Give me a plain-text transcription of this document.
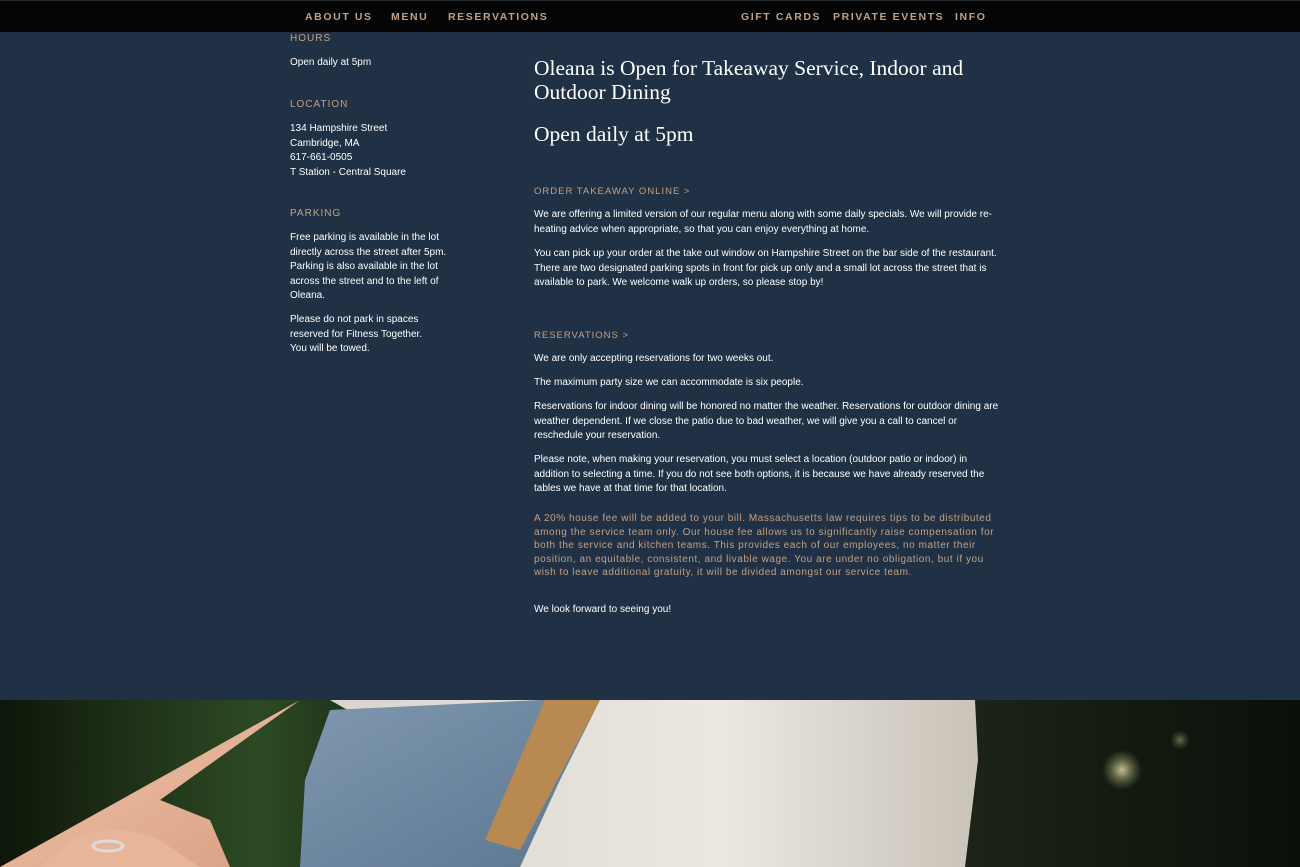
ABOUT US MENU RESERVATIONS	GIFT CARDS PRIVATE EVENTS INFO
HOURS

Open daily at 5pm

LOCATION
134 Hampshire Street
Cambridge, MA
617-661-0505
T Station - Central Square
PARKING

Free parking is available in the lot directly across the street after 5pm. Parking is also available in the lot across the street and to the left of Oleana.

Please do not park in spaces reserved for Fitness Together. You will be towed.

Oleana is Open for Takeaway Service, Indoor and Outdoor Dining
Open daily at 5pm
ORDER TAKEAWAY ONLINE >

We are offering a limited version of our regular menu along with some daily specials. We will provide re-heating advice when appropriate, so that you can enjoy everything at home.

You can pick up your order at the take out window on Hampshire Street on the bar side of the restaurant. There are two designated parking spots in front for pick up only and a small lot across the street that is available to park. We welcome walk up orders, so please stop by!

RESERVATIONS >

We are only accepting reservations for two weeks out.

The maximum party size we can accommodate is six people.

Reservations for indoor dining will be honored no matter the weather. Reservations for outdoor dining are weather dependent. If we close the patio due to bad weather, we will give you a call to cancel or reschedule your reservation.

Please note, when making your reservation, you must select a location (outdoor patio or indoor) in addition to selecting a time. If you do not see both options, it is because we have already reserved the tables we have at that time for that location.

A 20% house fee will be added to your bill. Massachusetts law requires tips to be distributed among the service team only. Our house fee allows us to significantly raise compensation for both the service and kitchen teams. This provides each of our employees, no matter their position, an equitable, consistent, and livable wage. You are under no obligation, but if you wish to leave additional gratuity, it will be divided amongst our service team.

We look forward to seeing you!
